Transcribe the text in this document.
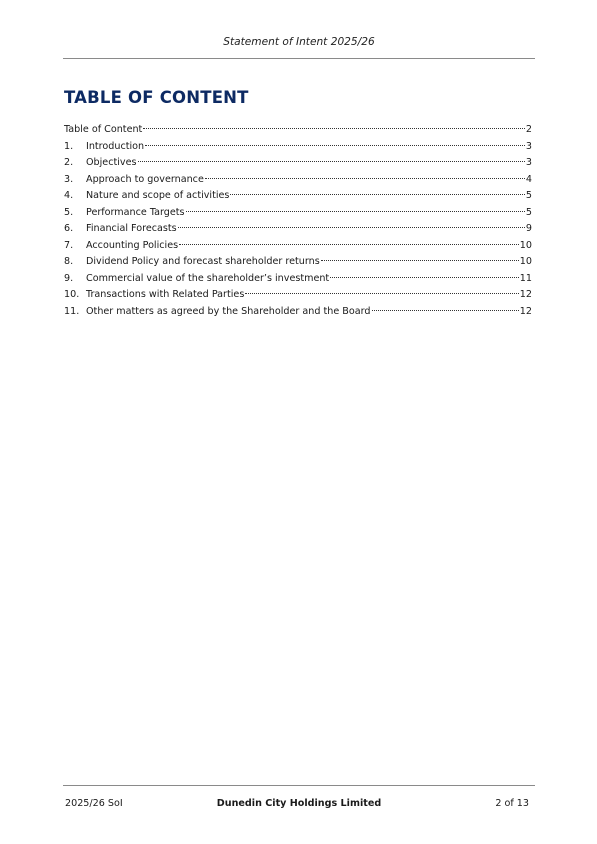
Statement of Intent 2025/26
TABLE OF CONTENT
Table of Content	2
1.	Introduction	3
2.	Objectives	3
3.	Approach to governance	4
4.	Nature and scope of activities	5
5.	Performance Targets	5
6.	Financial Forecasts	9
7.	Accounting Policies	10
8.	Dividend Policy and forecast shareholder returns	10
9.	Commercial value of the shareholder’s investment	11
10. Transactions with Related Parties	12
11. Other matters as agreed by the Shareholder and the Board	12
2025/26 SoI	Dunedin City Holdings Limited	2 of 13
